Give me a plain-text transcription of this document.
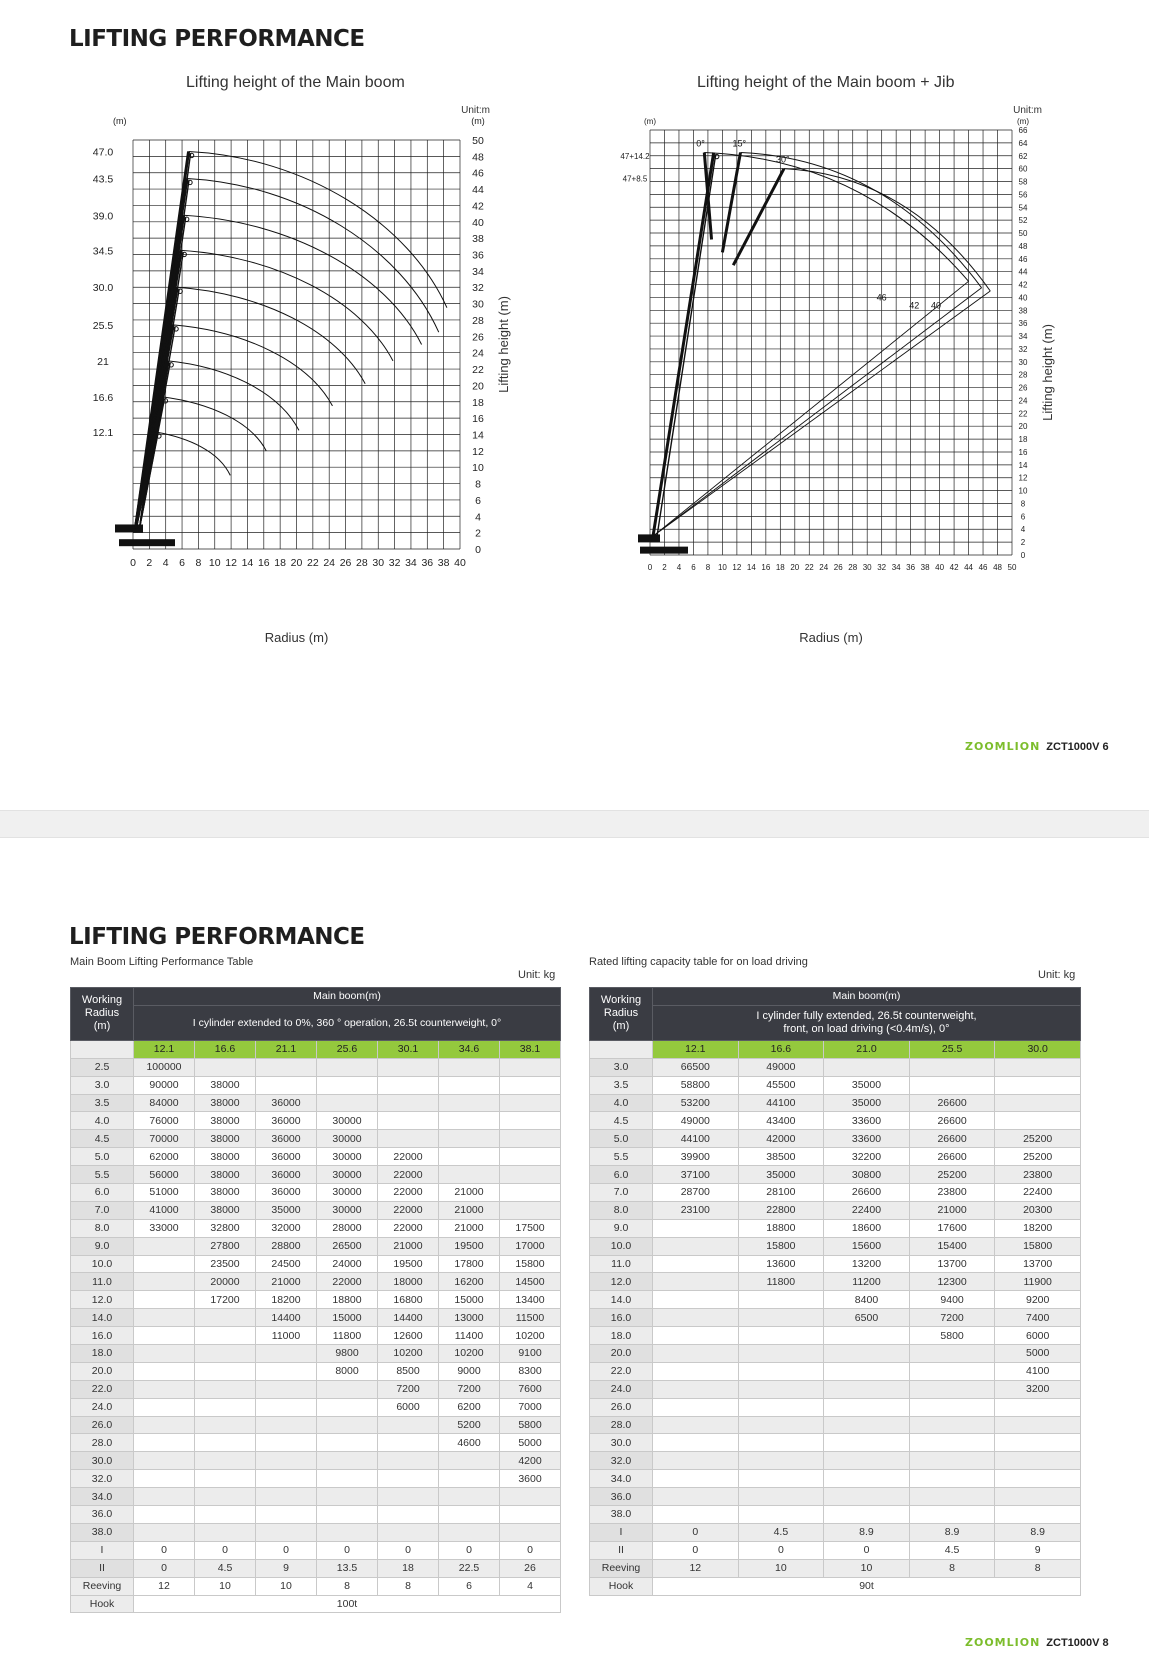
LIFTING PERFORMANCE
Lifting height of the Main boom	Lifting height of the Main boom + Jib
0 2 4 6 8 10 12 14 16 18 20 22 24 26 28 30 32 34 36 38 40
0
2
4
6
8
10
12
14
16
18
20
22
24
26
28
30
32
34
36
38
40
42
44
46
48
50
(m)	(m)
Unit:m
Lifting height (m)
Radius (m)
47.0
43.5
39.0
34.5
30.0
25.5
21
16.6
12.1
0 2 4 6 8 10 12 14 16 18 20 22 24 26 28 30 32 34 36 38 40 42 44 46 48 50
0
2
4
6
8
10
12
14
16
18
20
22
24
26
28
30
32
34
36
38
40
42
44
46
48
50
52
54
56
58
60
62
64
66
(m)	(m)
Unit:m
Lifting height (m)
Radius (m)
47+14.2
47+8.5
0°	15°
30°
46
42 40
ZOOMLION ZCT1000V 6
LIFTING PERFORMANCE
Main Boom Lifting Performance Table	Rated lifting capacity table for on load driving
Unit: kg	Unit: kg
Working
Radius
(m)	Main boom(m)						
	I cylinder extended to 0%, 360 ° operation, 26.5t counterweight, 0°						
	12.1	16.6	21.1	25.6	30.1	34.6	38.1
2.5	100000						
3.0	90000	38000					
3.5	84000	38000	36000				
4.0	76000	38000	36000	30000			
4.5	70000	38000	36000	30000			
5.0	62000	38000	36000	30000	22000		
5.5	56000	38000	36000	30000	22000		
6.0	51000	38000	36000	30000	22000	21000	
7.0	41000	38000	35000	30000	22000	21000	
8.0	33000	32800	32000	28000	22000	21000	17500
9.0		27800	28800	26500	21000	19500	17000
10.0		23500	24500	24000	19500	17800	15800
11.0		20000	21000	22000	18000	16200	14500
12.0		17200	18200	18800	16800	15000	13400
14.0			14400	15000	14400	13000	11500
16.0			11000	11800	12600	11400	10200
18.0				9800	10200	10200	9100
20.0				8000	8500	9000	8300
22.0					7200	7200	7600
24.0					6000	6200	7000
26.0						5200	5800
28.0						4600	5000
30.0							4200
32.0							3600
34.0							
36.0							
38.0							
I	0	0	0	0	0	0	0
II	0	4.5	9	13.5	18	22.5	26
Reeving	12	10	10	8	8	6	4
Hook	100t						
Working
Radius
(m)	Main boom(m)				

	I cylinder fully extended, 26.5t counterweight,
front, on load driving (<0.4m/s), 0°				

	12.1	16.6	21.0	25.5	30.0
3.0	66500	49000			
3.5	58800	45500	35000		
4.0	53200	44100	35000	26600	
4.5	49000	43400	33600	26600	
5.0	44100	42000	33600	26600	25200
5.5	39900	38500	32200	26600	25200
6.0	37100	35000	30800	25200	23800
7.0	28700	28100	26600	23800	22400
8.0	23100	22800	22400	21000	20300
9.0		18800	18600	17600	18200
10.0		15800	15600	15400	15800
11.0		13600	13200	13700	13700
12.0		11800	11200	12300	11900
14.0			8400	9400	9200
16.0			6500	7200	7400
18.0				5800	6000
20.0					5000
22.0					4100
24.0					3200
26.0					
28.0					
30.0					
32.0					
34.0					
36.0					
38.0					
I	0	4.5	8.9	8.9	8.9
II	0	0	0	4.5	9
Reeving	12	10	10	8	8
Hook	90t				
ZOOMLION ZCT1000V 8
